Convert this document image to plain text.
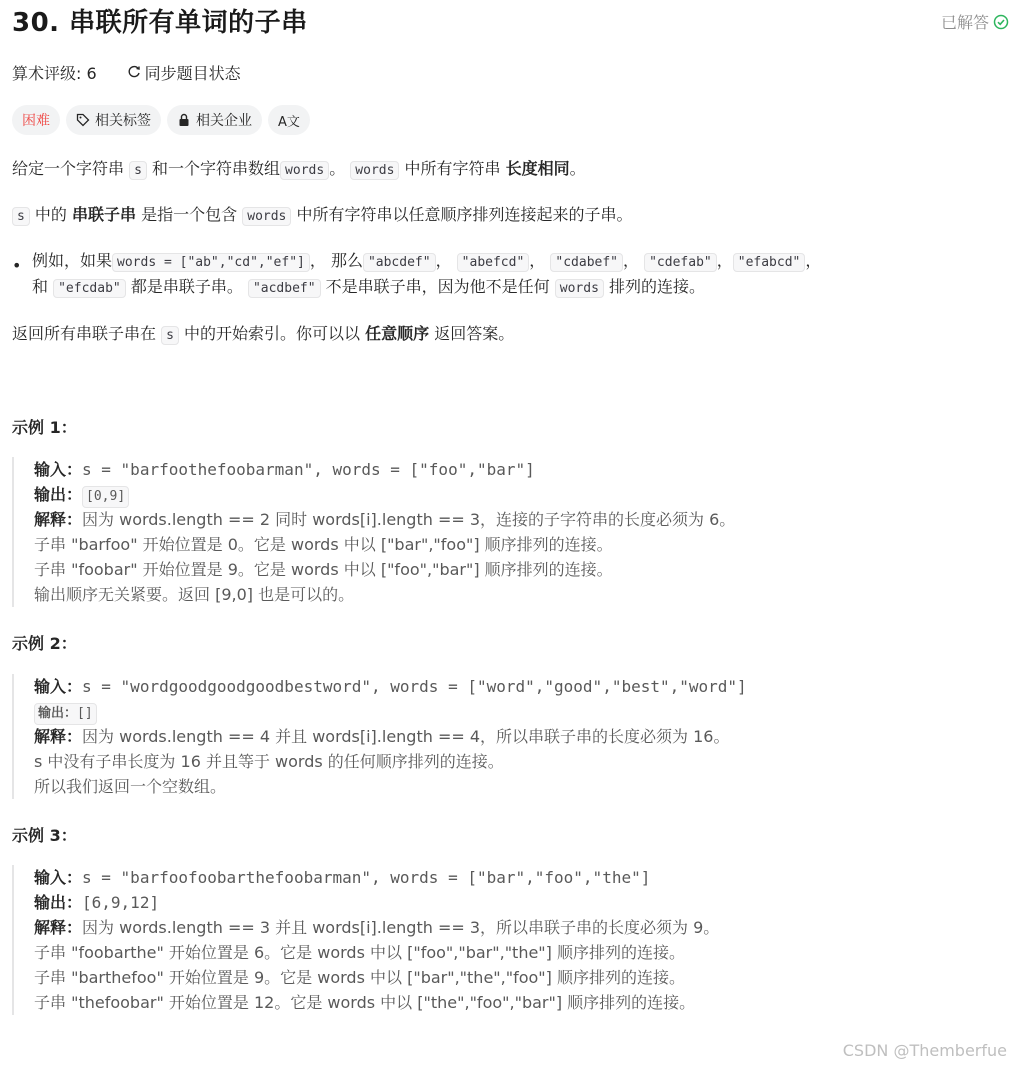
30. 串联所有单词的子串	已解答
算术评级: 6	同步题目状态
困难	相关标签	相关企业 A文
给定一个字符串 s 和一个字符串数组 words 。 words 中所有字符串 长度相同。
s 中的 串联子串 是指一个包含 words 中所有字符串以任意顺序排列连接起来的子串。
• 例如，如果 words = ["ab","cd","ef"] ， 那么 "abcdef" ， "abefcd" ， "cdabef" ， "cdefab" ， "efabcd" ，
和 "efcdab" 都是串联子串。 "acdbef" 不是串联子串，因为他不是任何 words 排列的连接。
返回所有串联子串在 s 中的开始索引。你可以以 任意顺序 返回答案。
示例 1：
输入：s = "barfoothefoobarman", words = ["foo","bar"]
输出： [0,9]
解释：因为 words.length == 2 同时 words[i].length == 3，连接的子字符串的长度必须为 6。
子串 "barfoo" 开始位置是 0。它是 words 中以 ["bar","foo"] 顺序排列的连接。
子串 "foobar" 开始位置是 9。它是 words 中以 ["foo","bar"] 顺序排列的连接。
输出顺序无关紧要。返回 [9,0] 也是可以的。
示例 2：
输入：s = "wordgoodgoodgoodbestword", words = ["word","good","best","word"]
输出： []
解释：因为 words.length == 4 并且 words[i].length == 4，所以串联子串的长度必须为 16。
s 中没有子串长度为 16 并且等于 words 的任何顺序排列的连接。
所以我们返回一个空数组。
示例 3：
输入：s = "barfoofoobarthefoobarman", words = ["bar","foo","the"]
输出：[6,9,12]
解释：因为 words.length == 3 并且 words[i].length == 3，所以串联子串的长度必须为 9。
子串 "foobarthe" 开始位置是 6。它是 words 中以 ["foo","bar","the"] 顺序排列的连接。
子串 "barthefoo" 开始位置是 9。它是 words 中以 ["bar","the","foo"] 顺序排列的连接。
子串 "thefoobar" 开始位置是 12。它是 words 中以 ["the","foo","bar"] 顺序排列的连接。
CSDN @Themberfue
